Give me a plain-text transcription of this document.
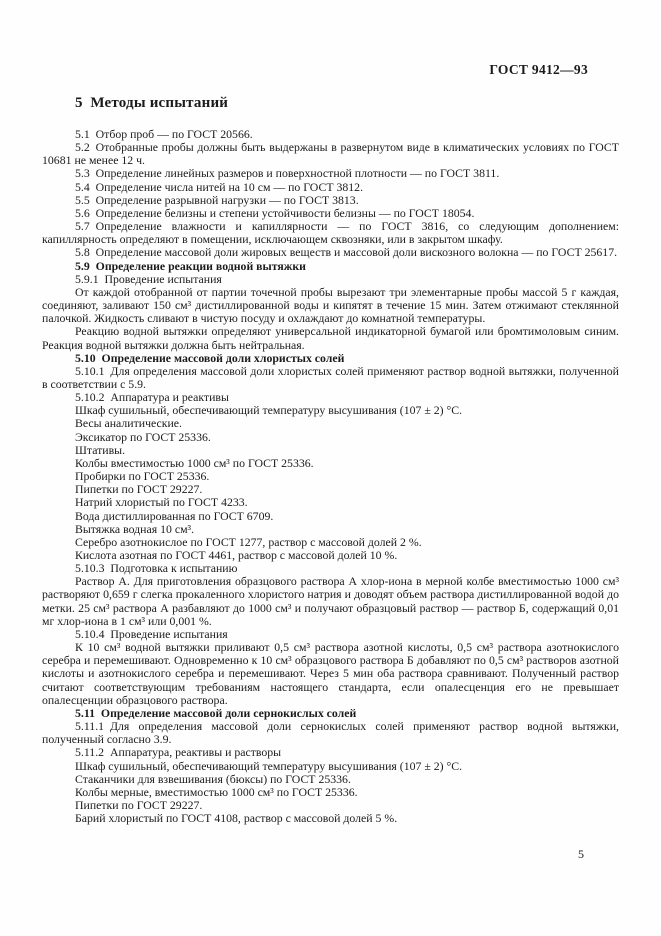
ГОСТ 9412—93
5 Методы испытаний

5.1 Отбор проб — по ГОСТ 20566.

5.2 Отобранные пробы должны быть выдержаны в развернутом виде в климатических условиях по ГОСТ 10681 не менее 12 ч.

5.3 Определение линейных размеров и поверхностной плотности — по ГОСТ 3811.

5.4 Определение числа нитей на 10 см — по ГОСТ 3812.

5.5 Определение разрывной нагрузки — по ГОСТ 3813.

5.6 Определение белизны и степени устойчивости белизны — по ГОСТ 18054.

5.7 Определение влажности и капиллярности — по ГОСТ 3816, со следующим дополнением: капиллярность определяют в помещении, исключающем сквозняки, или в закрытом шкафу.

5.8 Определение массовой доли жировых веществ и массовой доли вискозного волокна — по ГОСТ 25617.

5.9 Определение реакции водной вытяжки

5.9.1 Проведение испытания

От каждой отобранной от партии точечной пробы вырезают три элементарные пробы массой 5 г каждая, соединяют, заливают 150 см³ дистиллированной воды и кипятят в течение 15 мин. Затем отжимают стеклянной палочкой. Жидкость сливают в чистую посуду и охлаждают до комнатной температуры.

Реакцию водной вытяжки определяют универсальной индикаторной бумагой или бромтимоловым синим. Реакция водной вытяжки должна быть нейтральная.

5.10 Определение массовой доли хлористых солей

5.10.1 Для определения массовой доли хлористых солей применяют раствор водной вытяжки, полученной в соответствии с 5.9.

5.10.2 Аппаратура и реактивы

Шкаф сушильный, обеспечивающий температуру высушивания (107 ± 2) °С.

Весы аналитические.

Эксикатор по ГОСТ 25336.

Штативы.

Колбы вместимостью 1000 см³ по ГОСТ 25336.

Пробирки по ГОСТ 25336.

Пипетки по ГОСТ 29227.

Натрий хлористый по ГОСТ 4233.

Вода дистиллированная по ГОСТ 6709.

Вытяжка водная 10 см³.

Серебро азотнокислое по ГОСТ 1277, раствор с массовой долей 2 %.

Кислота азотная по ГОСТ 4461, раствор с массовой долей 10 %.

5.10.3 Подготовка к испытанию

Раствор А. Для приготовления образцового раствора А хлор-иона в мерной колбе вместимостью 1000 см³ растворяют 0,659 г слегка прокаленного хлористого натрия и доводят объем раствора дистиллированной водой до метки. 25 см³ раствора А разбавляют до 1000 см³ и получают образцовый раствор — раствор Б, содержащий 0,01 мг хлор-иона в 1 см³ или 0,001 %.

5.10.4 Проведение испытания

К 10 см³ водной вытяжки приливают 0,5 см³ раствора азотной кислоты, 0,5 см³ раствора азотнокислого серебра и перемешивают. Одновременно к 10 см³ образцового раствора Б добавляют по 0,5 см³ растворов азотной кислоты и азотнокислого серебра и перемешивают. Через 5 мин оба раствора сравнивают. Полученный раствор считают соответствующим требованиям настоящего стандарта, если опалесценция его не превышает опалесценции образцового раствора.

5.11 Определение массовой доли сернокислых солей

5.11.1 Для определения массовой доли сернокислых солей применяют раствор водной вытяжки, полученный согласно 3.9.

5.11.2 Аппаратура, реактивы и растворы

Шкаф сушильный, обеспечивающий температуру высушивания (107 ± 2) °С.

Стаканчики для взвешивания (бюксы) по ГОСТ 25336.

Колбы мерные, вместимостью 1000 см³ по ГОСТ 25336.

Пипетки по ГОСТ 29227.

Барий хлористый по ГОСТ 4108, раствор с массовой долей 5 %.

5
